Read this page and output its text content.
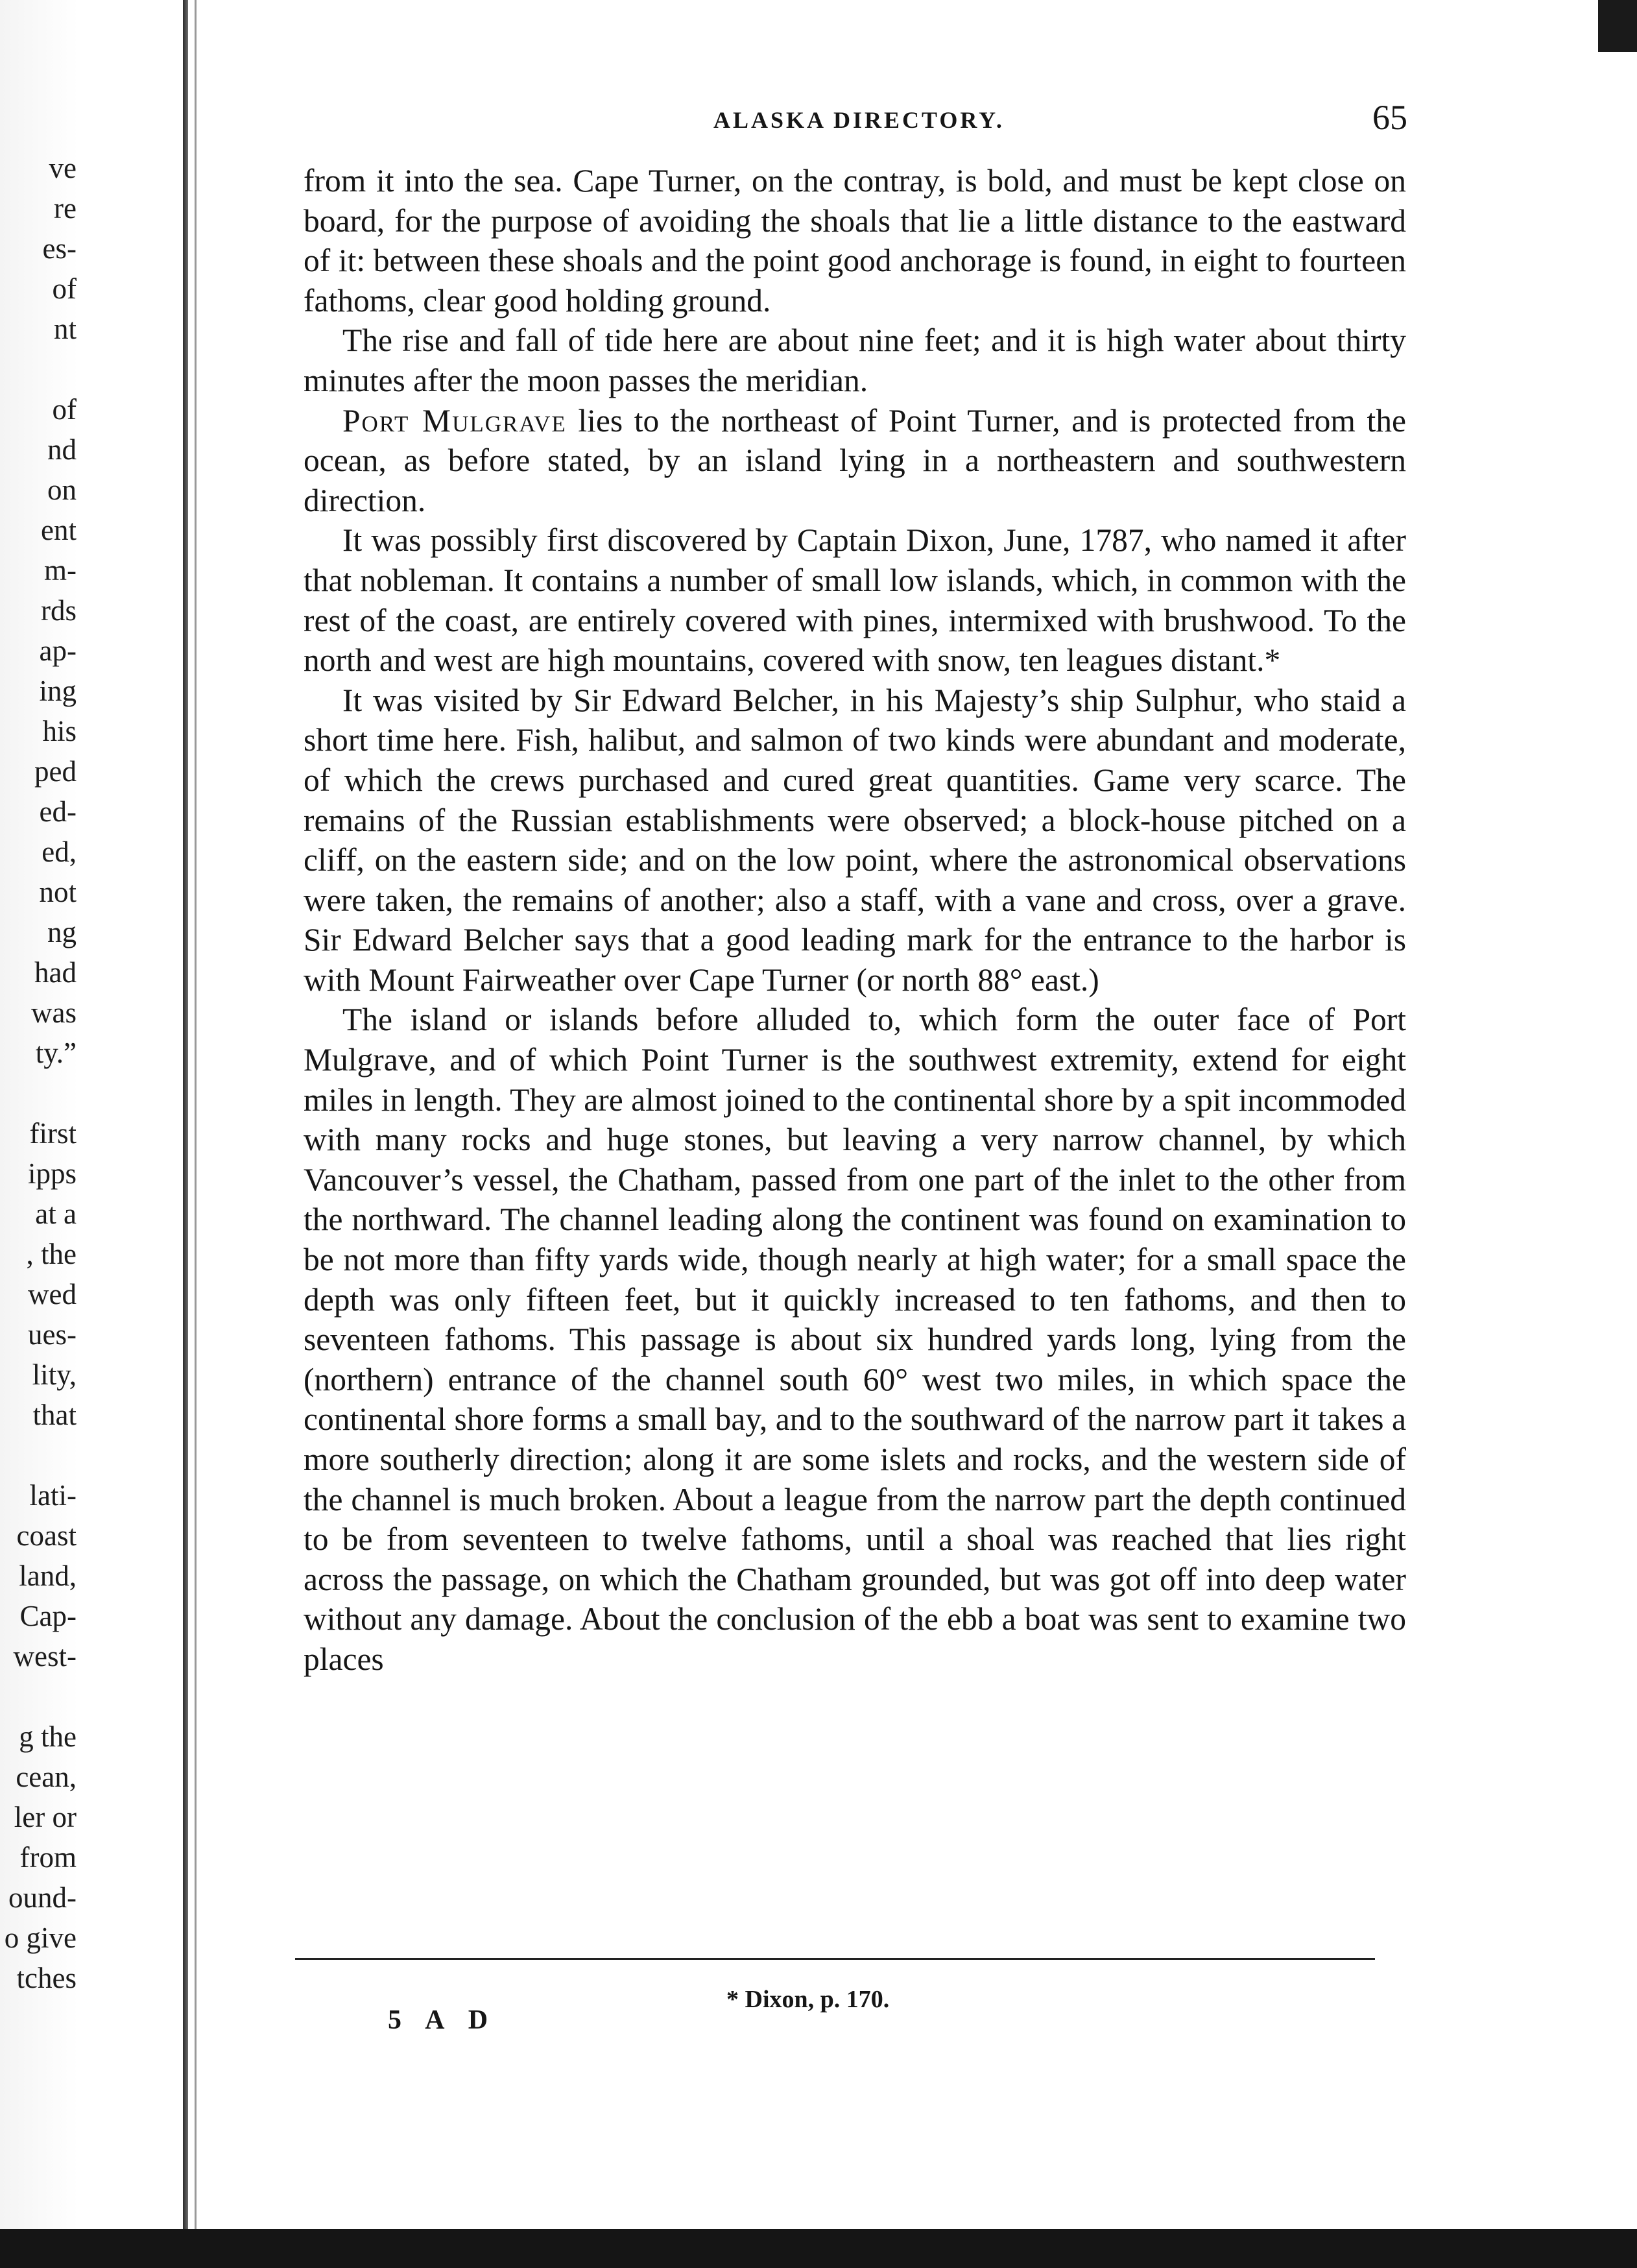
ve
re
es-
of
nt
of
nd
on
ent
m-
rds
ap-
ing
his
ped
ed-
ed,
not
ng
had
was
ty.”
first
ipps
at a
, the
wed
ues-
lity,
that
lati-
coast
land,
Cap-
west-
g the
cean,
ler or
from
ound-
o give
tches
ALASKA DIRECTORY.	65

from it into the sea. Cape Turner, on the contray, is bold, and must be kept close on board, for the purpose of avoiding the shoals that lie a little distance to the eastward of it: between these shoals and the point good anchorage is found, in eight to fourteen fathoms, clear good holding ground.

The rise and fall of tide here are about nine feet; and it is high water about thirty minutes after the moon passes the meridian.

Port Mulgrave lies to the northeast of Point Turner, and is protected from the ocean, as before stated, by an island lying in a northeastern and southwestern direction.

It was possibly first discovered by Captain Dixon, June, 1787, who named it after that nobleman. It contains a number of small low islands, which, in common with the rest of the coast, are entirely covered with pines, intermixed with brushwood. To the north and west are high mountains, covered with snow, ten leagues distant.*

It was visited by Sir Edward Belcher, in his Majesty’s ship Sulphur, who staid a short time here. Fish, halibut, and salmon of two kinds were abundant and moderate, of which the crews purchased and cured great quantities. Game very scarce. The remains of the Russian establishments were observed; a block-house pitched on a cliff, on the eastern side; and on the low point, where the astronomical observations were taken, the remains of another; also a staff, with a vane and cross, over a grave. Sir Edward Belcher says that a good leading mark for the entrance to the harbor is with Mount Fairweather over Cape Turner (or north 88° east.)

The island or islands before alluded to, which form the outer face of Port Mulgrave, and of which Point Turner is the southwest extremity, extend for eight miles in length. They are almost joined to the continental shore by a spit incommoded with many rocks and huge stones, but leaving a very narrow channel, by which Vancouver’s vessel, the Chatham, passed from one part of the inlet to the other from the northward. The channel leading along the continent was found on examination to be not more than fifty yards wide, though nearly at high water; for a small space the depth was only fifteen feet, but it quickly increased to ten fathoms, and then to seventeen fathoms. This passage is about six hundred yards long, lying from the (northern) entrance of the channel south 60° west two miles, in which space the continental shore forms a small bay, and to the southward of the narrow part it takes a more southerly direction; along it are some islets and rocks, and the western side of the channel is much broken. About a league from the narrow part the depth continued to be from seventeen to twelve fathoms, until a shoal was reached that lies right across the passage, on which the Chatham grounded, but was got off into deep water without any damage. About the conclusion of the ebb a boat was sent to examine two places

* Dixon, p. 170.
5 A D
